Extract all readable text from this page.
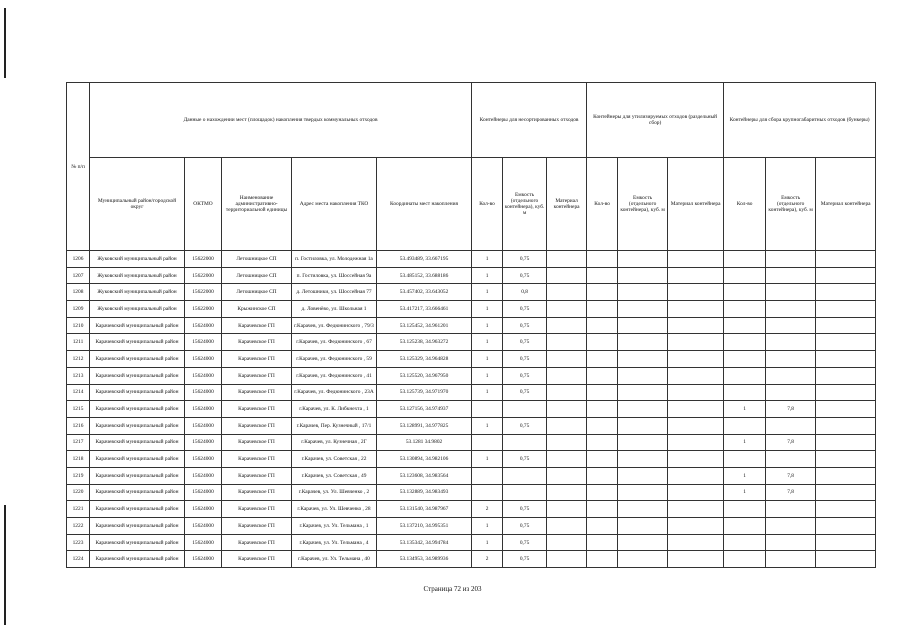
№ п/п	Данные о нахождении мест (площадок) накопления твердых коммунальных отходов					Контейнеры для несортированных отходов			Контейнеры для утилизируемых отходов (раздельный сбор)			Контейнеры для сбора крупногабаритных отходов (бункеры)		
	Муниципальный район/городской округ	ОКТМО	Наименование административно-территориальной единицы	Адрес места накопления ТКО	Координаты мест накопления	Кол-во	Емкость (отдельного контейнера), куб. м	Материал контейнера	Кол-во	Емкость (отдельного контейнера), куб. м	Материал контейнера	Кол-во	Емкость (отдельного контейнера), куб. м	Материал контейнера
1206	Жуковский муниципальный район	15622000	Летошницкое СП	п. Гостиловка, ул. Молодежная 1а	53.493489, 33.667195	1	0,75							
1207	Жуковский муниципальный район	15622000	Летошницкое СП	п. Гостиловка, ул. Шоссейная 9а	53.485152, 33.688186	1	0,75							
1208	Жуковский муниципальный район	15622000	Летошницкое СП	д. Летошники, ул. Шоссейная 77	53.457402, 33.643052	1	0,8							
1209	Жуковский муниципальный район	15622000	Крыжинское СП	д. Ловенёво, ул. Школьная 1	53.417217, 33.666461	1	0,75							
1210	Карачевский муниципальный район	15624000	Карачевское ГП	г.Карачев, ул. Федюнинского , 79/3	53.125452, 34.961201	1	0,75							
1211	Карачевский муниципальный район	15624000	Карачевское ГП	г.Карачев, ул. Федюнинского , 67	53.125238, 34.963272	1	0,75							
1212	Карачевский муниципальный район	15624000	Карачевское ГП	г.Карачев, ул. Федюнинского , 59	53.125329, 34.964828	1	0,75							
1213	Карачевский муниципальный район	15624000	Карачевское ГП	г.Карачев, ул. Федюнинского , 41	53.125520, 34.967950	1	0,75							
1214	Карачевский муниципальный район	15624000	Карачевское ГП	г.Карачев, ул. Федюнинского , 23А	53.125739, 34.971970	1	0,75							
1215	Карачевский муниципальный район	15624000	Карачевское ГП	г.Карачев, ул. К. Либкнехта , 1	53.127156, 34.974937							1	7,8	
1216	Карачевский муниципальный район	15624000	Карачевское ГП	г.Карачев, Пер. Кузнечный , 17/1	53.128991, 34.977825	1	0,75							
1217	Карачевский муниципальный район	15624000	Карачевское ГП	г.Карачев, ул. Кузнечная , 2Г	53.1281 34.9802							1	7,8	
1218	Карачевский муниципальный район	15624000	Карачевское ГП	г.Карачев, ул. Советская , 22	53.130894, 34.982106	1	0,75							
1219	Карачевский муниципальный район	15624000	Карачевское ГП	г.Карачев, ул. Советская , 49	53.123608, 34.983564							1	7,8	
1220	Карачевский муниципальный район	15624000	Карачевское ГП	г.Карачев, ул. Ул. Шевченко , 2	53.132889, 34.983493							1	7,8	
1221	Карачевский муниципальный район	15624000	Карачевское ГП	г.Карачев, ул. Ул. Шевченко , 28	53.131540, 34.987967	2	0,75							
1222	Карачевский муниципальный район	15624000	Карачевское ГП	г.Карачев, ул. Ул. Тельмана , 1	53.137210, 34.995351	1	0,75							
1223	Карачевский муниципальный район	15624000	Карачевское ГП	г.Карачев, ул. Ул. Тельмана , 4	53.135342, 34.994784	1	0,75							
1224	Карачевский муниципальный район	15624000	Карачевское ГП	г.Карачев, ул. Ул. Тельмана , 40	53.134953, 34.989936	2	0,75							
Страница 72 из 203
